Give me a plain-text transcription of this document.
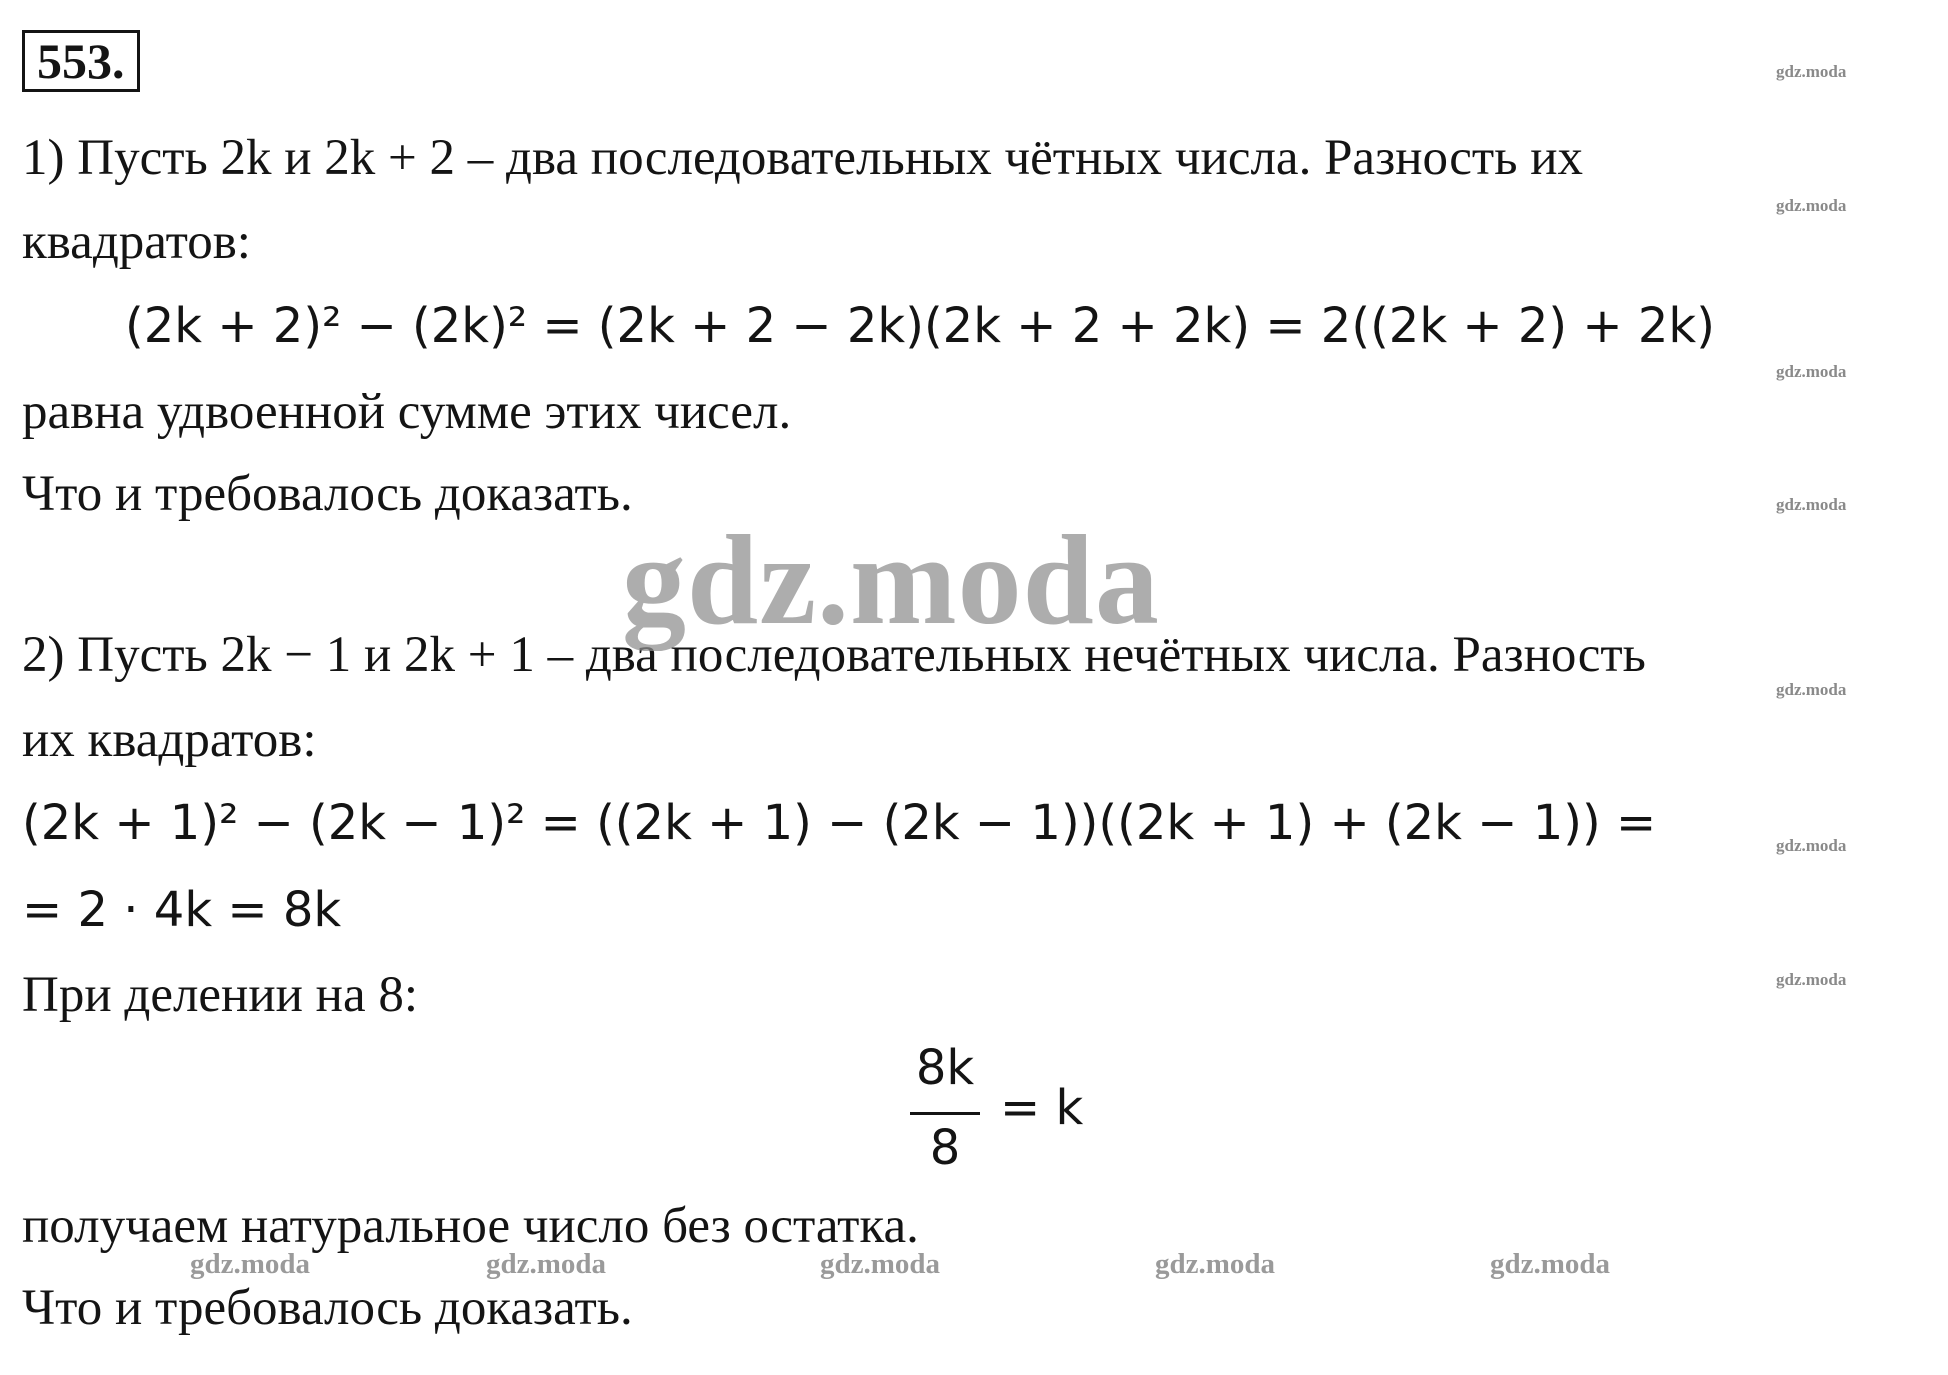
553.	gdz.moda
gdz.moda
gdz.moda
gdz.moda
gdz.moda
gdz.moda
gdz.moda
1) Пусть 2k и 2k + 2 – два последовательных чётных числа. Разность их
квадратов:
(2k + 2)² − (2k)² = (2k + 2 − 2k)(2k + 2 + 2k) = 2((2k + 2) + 2k)
равна удвоенной сумме этих чисел.
Что и требовалось доказать.
2) Пусть 2k − 1 и 2k + 1 – два последовательных нечётных числа. Разность
их квадратов:
(2k + 1)² − (2k − 1)² = ((2k + 1) − (2k − 1))((2k + 1) + (2k − 1)) =
= 2 · 4k = 8k
При делении на 8:
8k
8
= k
получаем натуральное число без остатка.
gdz.moda	gdz.moda	gdz.moda	gdz.moda	gdz.moda
Что и требовалось доказать.
gdz.moda
